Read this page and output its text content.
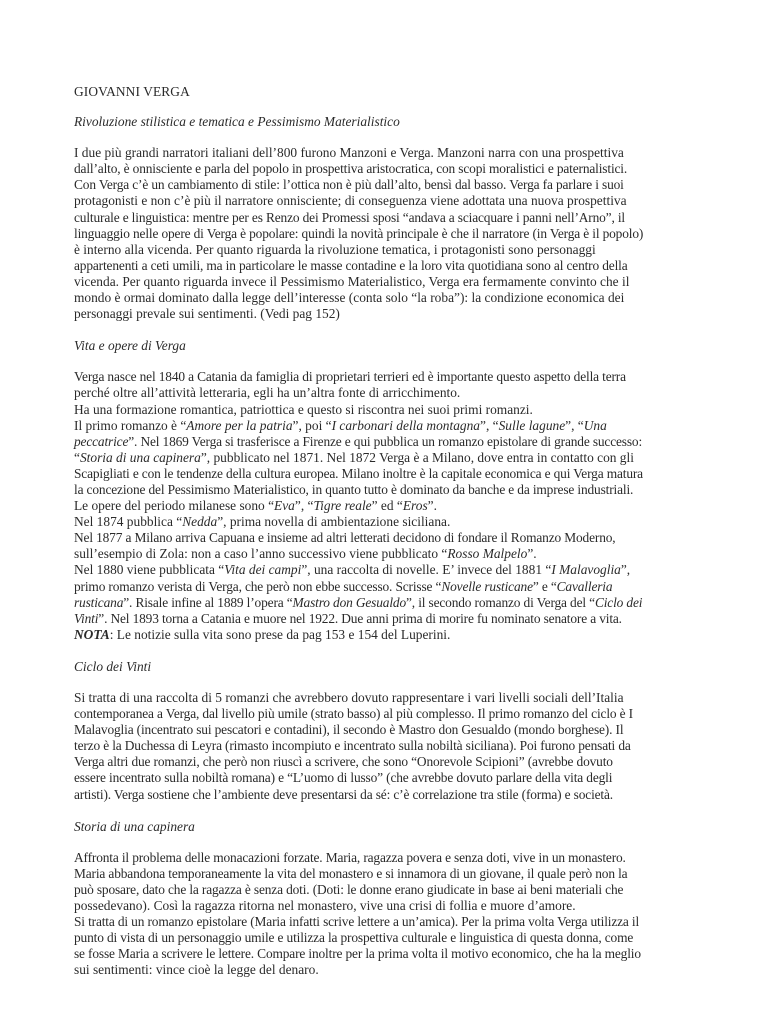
GIOVANNI VERGA
Rivoluzione stilistica e tematica e Pessimismo Materialistico
I due più grandi narratori italiani dell’800 furono Manzoni e Verga. Manzoni narra con una prospettiva
dall’alto, è onnisciente e parla del popolo in prospettiva aristocratica, con scopi moralistici e paternalistici.
Con Verga c’è un cambiamento di stile: l’ottica non è più dall’alto, bensì dal basso. Verga fa parlare i suoi
protagonisti e non c’è più il narratore onnisciente; di conseguenza viene adottata una nuova prospettiva
culturale e linguistica: mentre per es Renzo dei Promessi sposi “andava a sciacquare i panni nell’Arno”, il
linguaggio nelle opere di Verga è popolare: quindi la novità principale è che il narratore (in Verga è il popolo)
è interno alla vicenda. Per quanto riguarda la rivoluzione tematica, i protagonisti sono personaggi
appartenenti a ceti umili, ma in particolare le masse contadine e la loro vita quotidiana sono al centro della
vicenda. Per quanto riguarda invece il Pessimismo Materialistico, Verga era fermamente convinto che il
mondo è ormai dominato dalla legge dell’interesse (conta solo “la roba”): la condizione economica dei
personaggi prevale sui sentimenti. (Vedi pag 152)
Vita e opere di Verga
Verga nasce nel 1840 a Catania da famiglia di proprietari terrieri ed è importante questo aspetto della terra
perché oltre all’attività letteraria, egli ha un’altra fonte di arricchimento.
Ha una formazione romantica, patriottica e questo si riscontra nei suoi primi romanzi.
Il primo romanzo è “Amore per la patria”, poi “I carbonari della montagna”, “Sulle lagune”, “Una
peccatrice”. Nel 1869 Verga si trasferisce a Firenze e qui pubblica un romanzo epistolare di grande successo:
“Storia di una capinera”, pubblicato nel 1871. Nel 1872 Verga è a Milano, dove entra in contatto con gli
Scapigliati e con le tendenze della cultura europea. Milano inoltre è la capitale economica e qui Verga matura
la concezione del Pessimismo Materialistico, in quanto tutto è dominato da banche e da imprese industriali.
Le opere del periodo milanese sono “Eva”, “Tigre reale” ed “Eros”.
Nel 1874 pubblica “Nedda”, prima novella di ambientazione siciliana.
Nel 1877 a Milano arriva Capuana e insieme ad altri letterati decidono di fondare il Romanzo Moderno,
sull’esempio di Zola: non a caso l’anno successivo viene pubblicato “Rosso Malpelo”.
Nel 1880 viene pubblicata “Vita dei campi”, una raccolta di novelle. E’ invece del 1881 “I Malavoglia”,
primo romanzo verista di Verga, che però non ebbe successo. Scrisse “Novelle rusticane” e “Cavalleria
rusticana”. Risale infine al 1889 l’opera “Mastro don Gesualdo”, il secondo romanzo di Verga del “Ciclo dei
Vinti”. Nel 1893 torna a Catania e muore nel 1922. Due anni prima di morire fu nominato senatore a vita.
NOTA: Le notizie sulla vita sono prese da pag 153 e 154 del Luperini.
Ciclo dei Vinti
Si tratta di una raccolta di 5 romanzi che avrebbero dovuto rappresentare i vari livelli sociali dell’Italia
contemporanea a Verga, dal livello più umile (strato basso) al più complesso. Il primo romanzo del ciclo è I
Malavoglia (incentrato sui pescatori e contadini), il secondo è Mastro don Gesualdo (mondo borghese). Il
terzo è la Duchessa di Leyra (rimasto incompiuto e incentrato sulla nobiltà siciliana). Poi furono pensati da
Verga altri due romanzi, che però non riuscì a scrivere, che sono “Onorevole Scipioni” (avrebbe dovuto
essere incentrato sulla nobiltà romana) e “L’uomo di lusso” (che avrebbe dovuto parlare della vita degli
artisti). Verga sostiene che l’ambiente deve presentarsi da sé: c’è correlazione tra stile (forma) e società.
Storia di una capinera
Affronta il problema delle monacazioni forzate. Maria, ragazza povera e senza doti, vive in un monastero.
Maria abbandona temporaneamente la vita del monastero e si innamora di un giovane, il quale però non la
può sposare, dato che la ragazza è senza doti. (Doti: le donne erano giudicate in base ai beni materiali che
possedevano). Così la ragazza ritorna nel monastero, vive una crisi di follia e muore d’amore.
Si tratta di un romanzo epistolare (Maria infatti scrive lettere a un’amica). Per la prima volta Verga utilizza il
punto di vista di un personaggio umile e utilizza la prospettiva culturale e linguistica di questa donna, come
se fosse Maria a scrivere le lettere. Compare inoltre per la prima volta il motivo economico, che ha la meglio
sui sentimenti: vince cioè la legge del denaro.
